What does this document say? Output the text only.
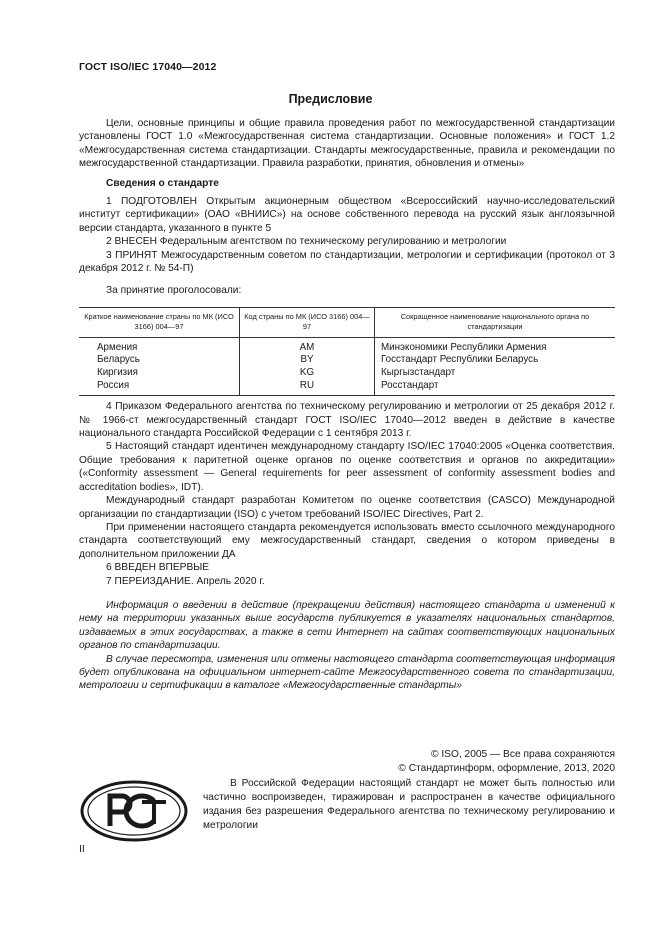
ГОСТ ISO/IEC 17040—2012
Предисловие

Цели, основные принципы и общие правила проведения работ по межгосударственной стандартизации установлены ГОСТ 1.0 «Межгосударственная система стандартизации. Основные положения» и ГОСТ 1.2 «Межгосударственная система стандартизации. Стандарты межгосударственные, правила и рекомендации по межгосударственной стандартизации. Правила разработки, принятия, обновления и отмены»

Сведения о стандарте

1 ПОДГОТОВЛЕН Открытым акционерным обществом «Всероссийский научно-исследовательский институт сертификации» (ОАО «ВНИИС») на основе собственного перевода на русский язык англоязычной версии стандарта, указанного в пункте 5

2 ВНЕСЕН Федеральным агентством по техническому регулированию и метрологии

3 ПРИНЯТ Межгосударственным советом по стандартизации, метрологии и сертификации (протокол от 3 декабря 2012 г. № 54-П)

За принятие проголосовали:

Краткое наименование страны по МК (ИСО 3166) 004—97	Код страны по МК (ИСО 3166) 004—97	Сокращенное наименование национального органа по стандартизации
Армения	AM	Минэкономики Республики Армения
Беларусь	BY	Госстандарт Республики Беларусь
Киргизия	KG	Кыргызстандарт
Россия	RU	Росстандарт

4 Приказом Федерального агентства по техническому регулированию и метрологии от 25 декабря 2012 г. № 1966-ст межгосударственный стандарт ГОСТ ISO/IEC 17040—2012 введен в действие в качестве национального стандарта Российской Федерации с 1 сентября 2013 г.

5 Настоящий стандарт идентичен международному стандарту ISO/IEC 17040:2005 «Оценка соответствия. Общие требования к паритетной оценке органов по оценке соответствия и органов по аккредитации» («Conformity assessment — General requirements for peer assessment of conformity assessment bodies and accreditation bodies», IDT).

Международный стандарт разработан Комитетом по оценке соответствия (CASCO) Международной организации по стандартизации (ISO) с учетом требований ISO/IEC Directives, Part 2.

При применении настоящего стандарта рекомендуется использовать вместо ссылочного международного стандарта соответствующий ему межгосударственный стандарт, сведения о котором приведены в дополнительном приложении ДА

6 ВВЕДЕН ВПЕРВЫЕ

7 ПЕРЕИЗДАНИЕ. Апрель 2020 г.

Информация о введении в действие (прекращении действия) настоящего стандарта и изменений к нему на территории указанных выше государств публикуется в указателях национальных стандартов, издаваемых в этих государствах, а также в сети Интернет на сайтах соответствующих национальных органов по стандартизации.

В случае пересмотра, изменения или отмены настоящего стандарта соответствующая информация будет опубликована на официальном интернет-сайте Межгосударственного совета по стандартизации, метрологии и сертификации в каталоге «Межгосударственные стандарты»

© ISO, 2005 — Все права сохраняются
© Стандартинформ, оформление, 2013, 2020

В Российской Федерации настоящий стандарт не может быть полностью или частично воспроизведен, тиражирован и распространен в качестве официального издания без разрешения Федерального агентства по техническому регулированию и метрологии

II
